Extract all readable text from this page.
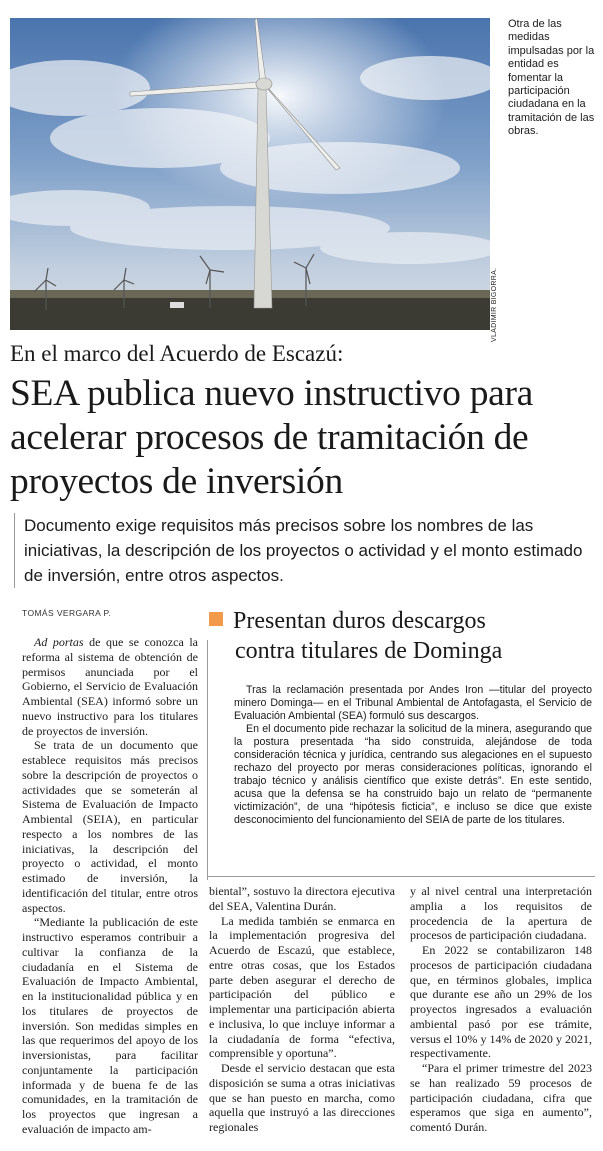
VLADIMIR BIGORRA.
Otra de las medidas impulsadas por la entidad es fomentar la participación ciudadana en la tramitación de las obras.
En el marco del Acuerdo de Escazú:
SEA publica nuevo instructivo para acelerar procesos de tramitación de proyectos de inversión
Documento exige requisitos más precisos sobre los nombres de las iniciativas, la descripción de los proyectos o actividad y el monto estimado de inversión, entre otros aspectos.
TOMÁS VERGARA P.

Ad portas de que se conozca la reforma al sistema de obtención de permisos anunciada por el Gobierno, el Servicio de Evaluación Ambiental (SEA) informó sobre un nuevo instructivo para los titulares de proyectos de inversión.

Se trata de un documento que establece requisitos más precisos sobre la descripción de proyectos o actividades que se someterán al Sistema de Evaluación de Impacto Ambiental (SEIA), en particular respecto a los nombres de las iniciativas, la descripción del proyecto o actividad, el monto estimado de inversión, la identificación del titular, entre otros aspectos.

“Mediante la publicación de este instructivo esperamos contribuir a cultivar la confianza de la ciudadanía en el Sistema de Evaluación de Impacto Ambiental, en la institucionalidad pública y en los titulares de proyectos de inversión. Son medidas simples en las que requerimos del apoyo de los inversionistas, para facilitar conjuntamente la participación informada y de buena fe de las comunidades, en la tramitación de los proyectos que ingresan a evaluación de impacto am-

Presentan duros descargos
contra titulares de Dominga

Tras la reclamación presentada por Andes Iron —titular del proyecto minero Dominga— en el Tribunal Ambiental de Antofagasta, el Servicio de Evaluación Ambiental (SEA) formuló sus descargos.

En el documento pide rechazar la solicitud de la minera, asegurando que la postura presentada “ha sido construida, alejándose de toda consideración técnica y jurídica, centrando sus alegaciones en el supuesto rechazo del proyecto por meras consideraciones políticas, ignorando el trabajo técnico y análisis científico que existe detrás”. En este sentido, acusa que la defensa se ha construido bajo un relato de “permanente victimización”, de una “hipótesis ficticia”, e incluso se dice que existe desconocimiento del funcionamiento del SEIA de parte de los titulares.

biental”, sostuvo la directora ejecutiva del SEA, Valentina Durán.

La medida también se enmarca en la implementación progresiva del Acuerdo de Escazú, que establece, entre otras cosas, que los Estados parte deben asegurar el derecho de participación del público e implementar una participación abierta e inclusiva, lo que incluye informar a la ciudadanía de forma “efectiva, comprensible y oportuna”.

Desde el servicio destacan que esta disposición se suma a otras iniciativas que se han puesto en marcha, como aquella que instruyó a las direcciones regionales

y al nivel central una interpretación amplia a los requisitos de procedencia de la apertura de procesos de participación ciudadana.

En 2022 se contabilizaron 148 procesos de participación ciudadana que, en términos globales, implica que durante ese año un 29% de los proyectos ingresados a evaluación ambiental pasó por ese trámite, versus el 10% y 14% de 2020 y 2021, respectivamente.

“Para el primer trimestre del 2023 se han realizado 59 procesos de participación ciudadana, cifra que esperamos que siga en aumento”, comentó Durán.
